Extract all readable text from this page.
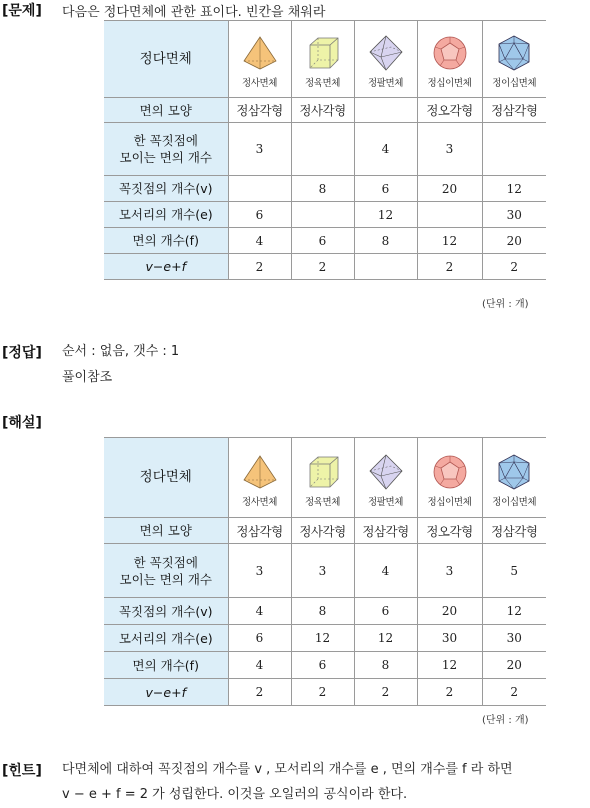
[문제] 다음은 정다면체에 관한 표이다. 빈칸을 채워라
정다면체	정사면체	정육면체	정팔면체	정십이면체	정이십면체

면의 모양	정삼각형	정사각형		정오각형	정삼각형
한 꼭짓점에
모이는 면의 개수	3		4	3	
꼭짓점의 개수(v)		8	6	20	12
모서리의 개수(e)	6		12		30
면의 개수(f)	4	6	8	12	20
v−e+f	2	2		2	2
(단위 : 개)
[정답] 순서 : 없음, 갯수 : 1
풀이참조
[해설]
정다면체	정사면체	정육면체	정팔면체	정십이면체	정이십면체

면의 모양	정삼각형	정사각형	정삼각형	정오각형	정삼각형
한 꼭짓점에
모이는 면의 개수	3	3	4	3	5
꼭짓점의 개수(v)	4	8	6	20	12
모서리의 개수(e)	6	12	12	30	30
면의 개수(f)	4	6	8	12	20
v−e+f	2	2	2	2	2
(단위 : 개)
[힌트] 다면체에 대하여 꼭짓점의 개수를 v , 모서리의 개수를 e , 면의 개수를 f 라 하면
v − e + f = 2 가 성립한다. 이것을 오일러의 공식이라 한다.
